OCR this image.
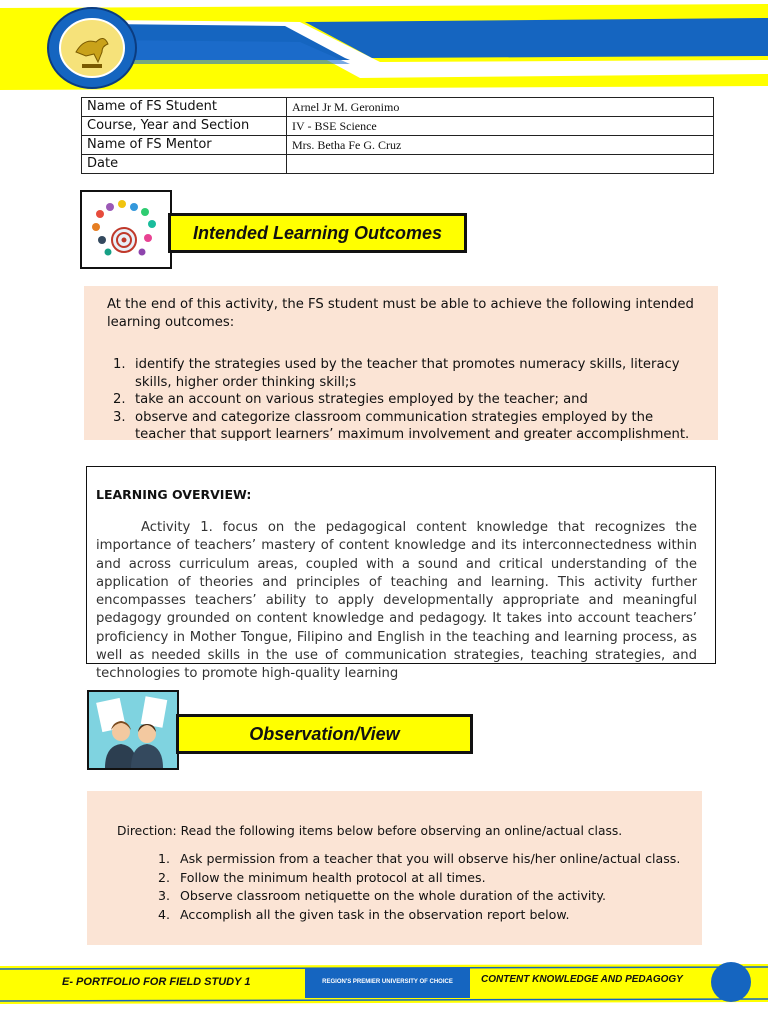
Name of FS Student	Arnel Jr M. Geronimo
Course, Year and Section	IV - BSE Science
Name of FS Mentor	Mrs. Betha Fe G. Cruz
Date	
Intended Learning Outcomes

At the end of this activity, the FS student must be able to achieve the following intended learning outcomes:

1. identify the strategies used by the teacher that promotes numeracy skills, literacy skills, higher order thinking skill;s
2. take an account on various strategies employed by the teacher; and
3. observe and categorize classroom communication strategies employed by the teacher that support learners’ maximum involvement and greater accomplishment.
LEARNING OVERVIEW:

Activity 1. focus on the pedagogical content knowledge that recognizes the importance of teachers’ mastery of content knowledge and its interconnectedness within and across curriculum areas, coupled with a sound and critical understanding of the application of theories and principles of teaching and learning. This activity further encompasses teachers’ ability to apply developmentally appropriate and meaningful pedagogy grounded on content knowledge and pedagogy. It takes into account teachers’ proficiency in Mother Tongue, Filipino and English in the teaching and learning process, as well as needed skills in the use of communication strategies, teaching strategies, and technologies to promote high-quality learning

Observation/View

Direction: Read the following items below before observing an online/actual class.

1. Ask permission from a teacher that you will observe his/her online/actual class.
2. Follow the minimum health protocol at all times.
3. Observe classroom netiquette on the whole duration of the activity.
4. Accomplish all the given task in the observation report below.
E- PORTFOLIO FOR FIELD STUDY 1	REGION'S PREMIER UNIVERSITY OF CHOICE	CONTENT KNOWLEDGE AND PEDAGOGY
